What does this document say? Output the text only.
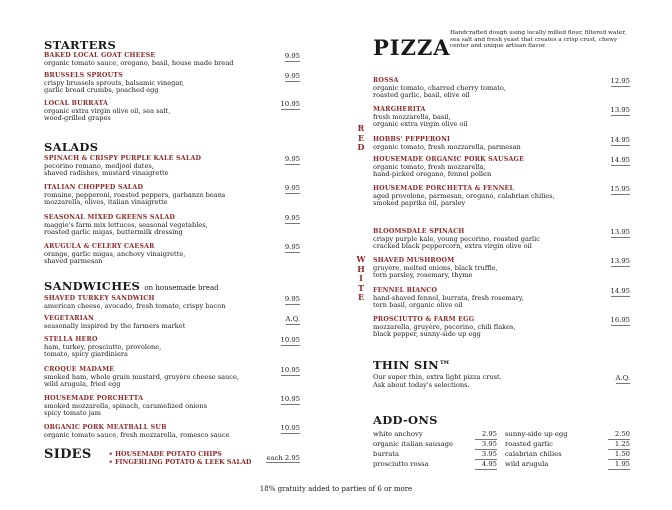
STARTERS
BAKED LOCAL GOAT CHEESE
organic tomato sauce, oregano, basil, house made bread
9.95
BRUSSELS SPROUTS
crispy brussels sprouts, balsamic vinegar,
garlic bread crumbs, poached egg
9.95
LOCAL BURRATA
organic extra virgin olive oil, sea salt,
wood-grilled grapes
10.95
SALADS
SPINACH & CRISPY PURPLE KALE SALAD
pecorino romano, medjool dates,
shaved radishes, mustard vinaigrette
9.95
ITALIAN CHOPPED SALAD
romaine, pepperoni, roasted peppers, garbanzo beans
mozzarella, olives, italian vinaigrette
9.95
SEASONAL MIXED GREENS SALAD
maggie's farm mix lettuces, seasonal vegetables,
roasted garlic migas, buttermilk dressing
9.95
ARUGULA & CELERY CAESAR
orange, garlic migas, anchovy vinaigrette,
shaved parmesan
9.95
SANDWICHES on housemade bread
SHAVED TURKEY SANDWICH
american cheese, avocado, fresh tomato, crispy bacon
9.95
VEGETARIAN
seasonally inspired by the farmers market
A.Q.
STELLA HERO
ham, turkey, prosciutto, provolone,
tomato, spicy giardiniera
10.95
CROQUE MADAME
smoked ham, whole grain mustard, gruyère cheese sauce,
wild arugula, fried egg
10.95
HOUSEMADE PORCHETTA
smoked mozzarella, spinach, caramelized onions
spicy tomato jam
10.95
ORGANIC PORK MEATBALL SUB
organic tomato sauce, fresh mozzarella, romesco sauce
10.95
SIDES	• HOUSEMADE POTATO CHIPS
• FINGERLING POTATO & LEEK SALAD each 2.95
PIZZA
Handcrafted dough using locally milled flour, filtered water, sea salt and fresh yeast that creates a crisp crust, chewy center and unique artisan flavor.
R
E
D
W
H
I
T
E
ROSSA
organic tomato, charred cherry tomato,
roasted garlic, basil, olive oil
12.95
MARGHERITA
fresh mozzarella, basil,
organic extra virgin olive oil
13.95
HOBBS' PEPPERONI
organic tomato, fresh mozzarella, parmesan
14.95
HOUSEMADE ORGANIC PORK SAUSAGE
organic tomato, fresh mozzarella,
hand-picked oregano, fennel pollen
14.95
HOUSEMADE PORCHETTA & FENNEL
aged provolone, parmesan, oregano, calabrian chilies,
smoked paprika oil, parsley
15.95
BLOOMSDALE SPINACH
crispy purple kale, young pecorino, roasted garlic
cracked black peppercorn, extra virgin olive oil
13.95
SHAVED MUSHROOM
gruyère, melted onions, black truffle,
torn parsley, rosemary, thyme
13.95
FENNEL BIANCO
hand-shaved fennel, burrata, fresh rosemary,
torn basil, organic olive oil
14.95
PROSCIUTTO & FARM EGG
mozzarella, gruyère, pecorino, chili flakes,
black pepper, sunny-side up egg
16.95
THIN SIN™
Our super thin, extra light pizza crust.
Ask about today's selections.
A.Q.
ADD-ONS
white anchovy	2.95
organic italian sausage	3.95
burrata	3.95
prosciutto rossa	4.95
sunny-side up egg	2.50
roasted garlic	1.25
calabrian chilies	1.50
wild arugula	1.95
18% gratuity added to parties of 6 or more
